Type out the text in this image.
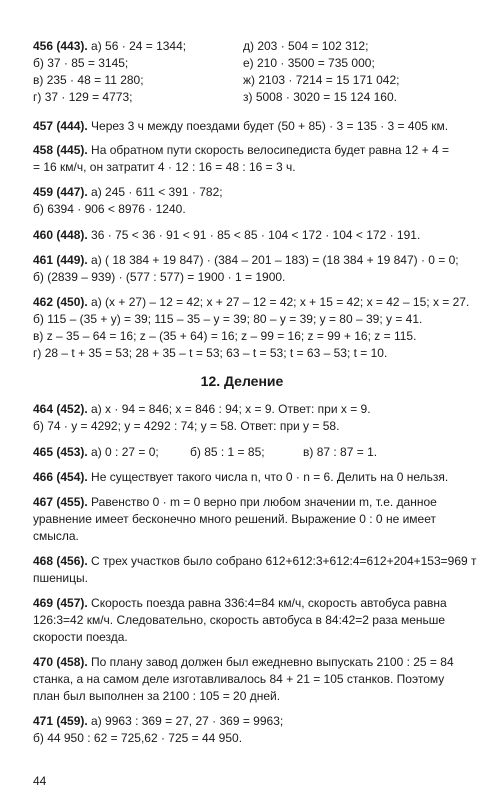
456 (443). а) 56 · 24 = 1344;	д) 203 · 504 = 102 312;
б) 37 · 85 = 3145;	е) 210 · 3500 = 735 000;
в) 235 · 48 = 11 280;	ж) 2103 · 7214 = 15 171 042;
г) 37 · 129 = 4773;	з) 5008 · 3020 = 15 124 160.
457 (444). Через 3 ч между поездами будет (50 + 85) · 3 = 135 · 3 = 405 км.
458 (445). На обратном пути скорость велосипедиста будет равна 12 + 4 =
= 16 км/ч, он затратит 4 · 12 : 16 = 48 : 16 = 3 ч.
459 (447). а) 245 · 611 < 391 · 782;
б) 6394 · 906 < 8976 · 1240.
460 (448). 36 · 75 < 36 · 91 < 91 · 85 < 85 · 104 < 172 · 104 < 172 · 191.
461 (449). а) ( 18 384 + 19 847) · (384 – 201 – 183) = (18 384 + 19 847) · 0 = 0;
б) (2839 – 939) · (577 : 577) = 1900 · 1 = 1900.
462 (450). а) (x + 27) – 12 = 42; x + 27 – 12 = 42; x + 15 = 42; x = 42 – 15; x = 27.
б) 115 – (35 + y) = 39; 115 – 35 – y = 39; 80 – y = 39; y = 80 – 39; y = 41.
в) z – 35 – 64 = 16; z – (35 + 64) = 16; z – 99 = 16; z = 99 + 16; z = 115.
г) 28 – t + 35 = 53; 28 + 35 – t = 53; 63 – t = 53; t = 63 – 53; t = 10.
12. Деление
464 (452). а) x · 94 = 846; x = 846 : 94; x = 9. Ответ: при x = 9.
б) 74 · y = 4292; y = 4292 : 74; y = 58. Ответ: при y = 58.
465 (453). а) 0 : 27 = 0;	б) 85 : 1 = 85;	в) 87 : 87 = 1.
466 (454). Не существует такого числа n, что 0 · n = 6. Делить на 0 нельзя.
467 (455). Равенство 0 · m = 0 верно при любом значении m, т.е. данное
уравнение имеет бесконечно много решений. Выражение 0 : 0 не имеет
смысла.
468 (456). С трех участков было собрано 612+612:3+612:4=612+204+153=969 т
пшеницы.
469 (457). Скорость поезда равна 336:4=84 км/ч, скорость автобуса равна
126:3=42 км/ч. Следовательно, скорость автобуса в 84:42=2 раза меньше
скорости поезда.
470 (458). По плану завод должен был ежедневно выпускать 2100 : 25 = 84
станка, а на самом деле изготавливалось 84 + 21 = 105 станков. Поэтому
план был выполнен за 2100 : 105 = 20 дней.
471 (459). а) 9963 : 369 = 27, 27 · 369 = 9963;
б) 44 950 : 62 = 725,62 · 725 = 44 950.
44
